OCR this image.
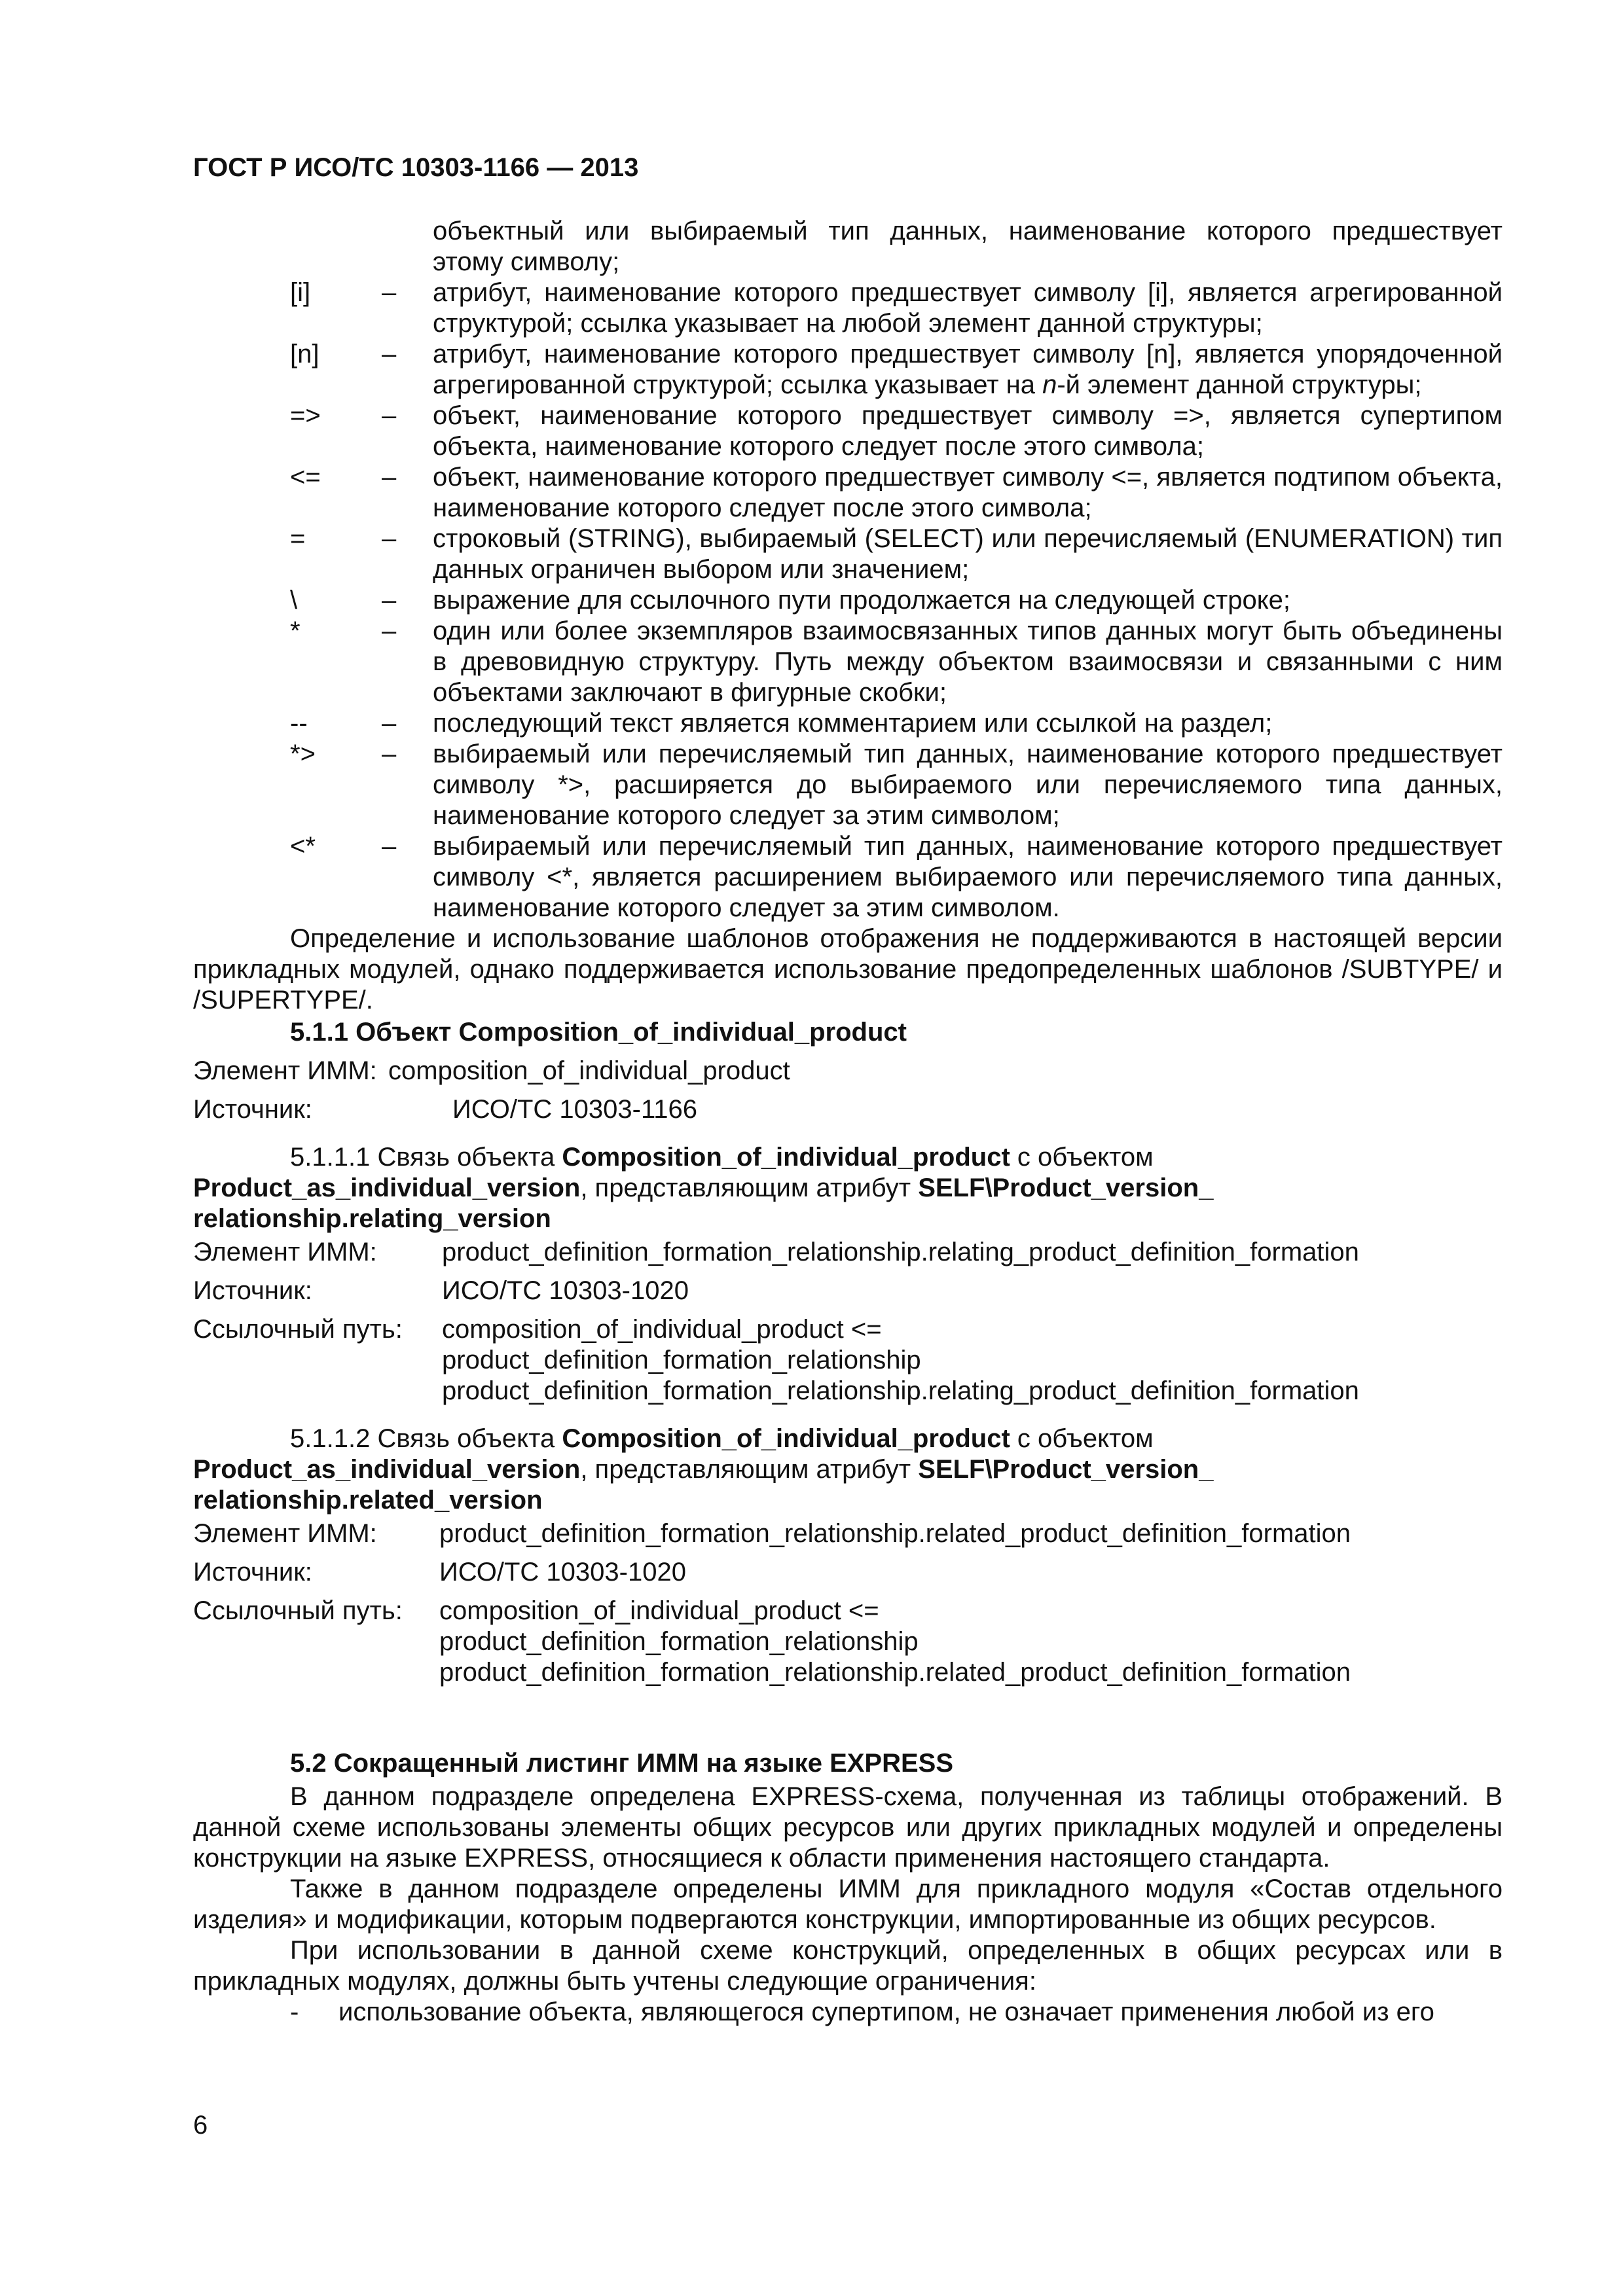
ГОСТ Р ИСО/ТС 10303-1166 — 2013
объектный или выбираемый тип данных, наименование которого предшествует
этому символу;
[i]	–	атрибут, наименование которого предшествует символу [i], является агрегированной структурой; ссылка указывает на любой элемент данной структуры;
[n]	–	атрибут, наименование которого предшествует символу [n], является упорядоченной агрегированной структурой; ссылка указывает на n-й элемент данной структуры;
=>	–	объект, наименование которого предшествует символу =>, является супертипом объекта, наименование которого следует после этого символа;
<=	–	объект, наименование которого предшествует символу <=, является подтипом объекта, наименование которого следует после этого символа;
=	–	строковый (STRING), выбираемый (SELECT) или перечисляемый (ENUMERATION) тип данных ограничен выбором или значением;
\	–	выражение для ссылочного пути продолжается на следующей строке;
*	–	один или более экземпляров взаимосвязанных типов данных могут быть объединены в древовидную структуру. Путь между объектом взаимосвязи и связанными с ним объектами заключают в фигурные скобки;
--	–	последующий текст является комментарием или ссылкой на раздел;
*>	–	выбираемый или перечисляемый тип данных, наименование которого предшествует символу *>, расширяется до выбираемого или перечисляемого типа данных, наименование которого следует за этим символом;
<*	–	выбираемый или перечисляемый тип данных, наименование которого предшествует символу <*, является расширением выбираемого или перечисляемого типа данных, наименование которого следует за этим символом.

Определение и использование шаблонов отображения не поддерживаются в настоящей версии прикладных модулей, однако поддерживается использование предопределенных шаблонов /SUBTYPE/ и /SUPERTYPE/.

5.1.1 Объект Composition_of_individual_product
Элемент ИММ: composition_of_individual_product
Источник:	ИСО/ТС 10303-1166
5.1.1.1 Связь объекта Composition_of_individual_product с объектом
Product_as_individual_version, представляющим атрибут SELF\Product_version_
relationship.relating_version
Элемент ИММ:	product_definition_formation_relationship.relating_product_definition_formation
Источник:	ИСО/ТС 10303-1020
Ссылочный путь:	composition_of_individual_product <=
product_definition_formation_relationship
product_definition_formation_relationship.relating_product_definition_formation
5.1.1.2 Связь объекта Composition_of_individual_product с объектом
Product_as_individual_version, представляющим атрибут SELF\Product_version_
relationship.related_version
Элемент ИММ:	product_definition_formation_relationship.related_product_definition_formation
Источник:	ИСО/ТС 10303-1020
Ссылочный путь:	composition_of_individual_product <=
product_definition_formation_relationship
product_definition_formation_relationship.related_product_definition_formation
5.2 Сокращенный листинг ИММ на языке EXPRESS

В данном подразделе определена EXPRESS-схема, полученная из таблицы отображений. В данной схеме использованы элементы общих ресурсов или других прикладных модулей и определены конструкции на языке EXPRESS, относящиеся к области применения настоящего стандарта.

Также в данном подразделе определены ИММ для прикладного модуля «Состав отдельного изделия» и модификации, которым подвергаются конструкции, импортированные из общих ресурсов.

При использовании в данной схеме конструкций, определенных в общих ресурсах или в прикладных модулях, должны быть учтены следующие ограничения:

-	использование объекта, являющегося супертипом, не означает применения любой из его
6
